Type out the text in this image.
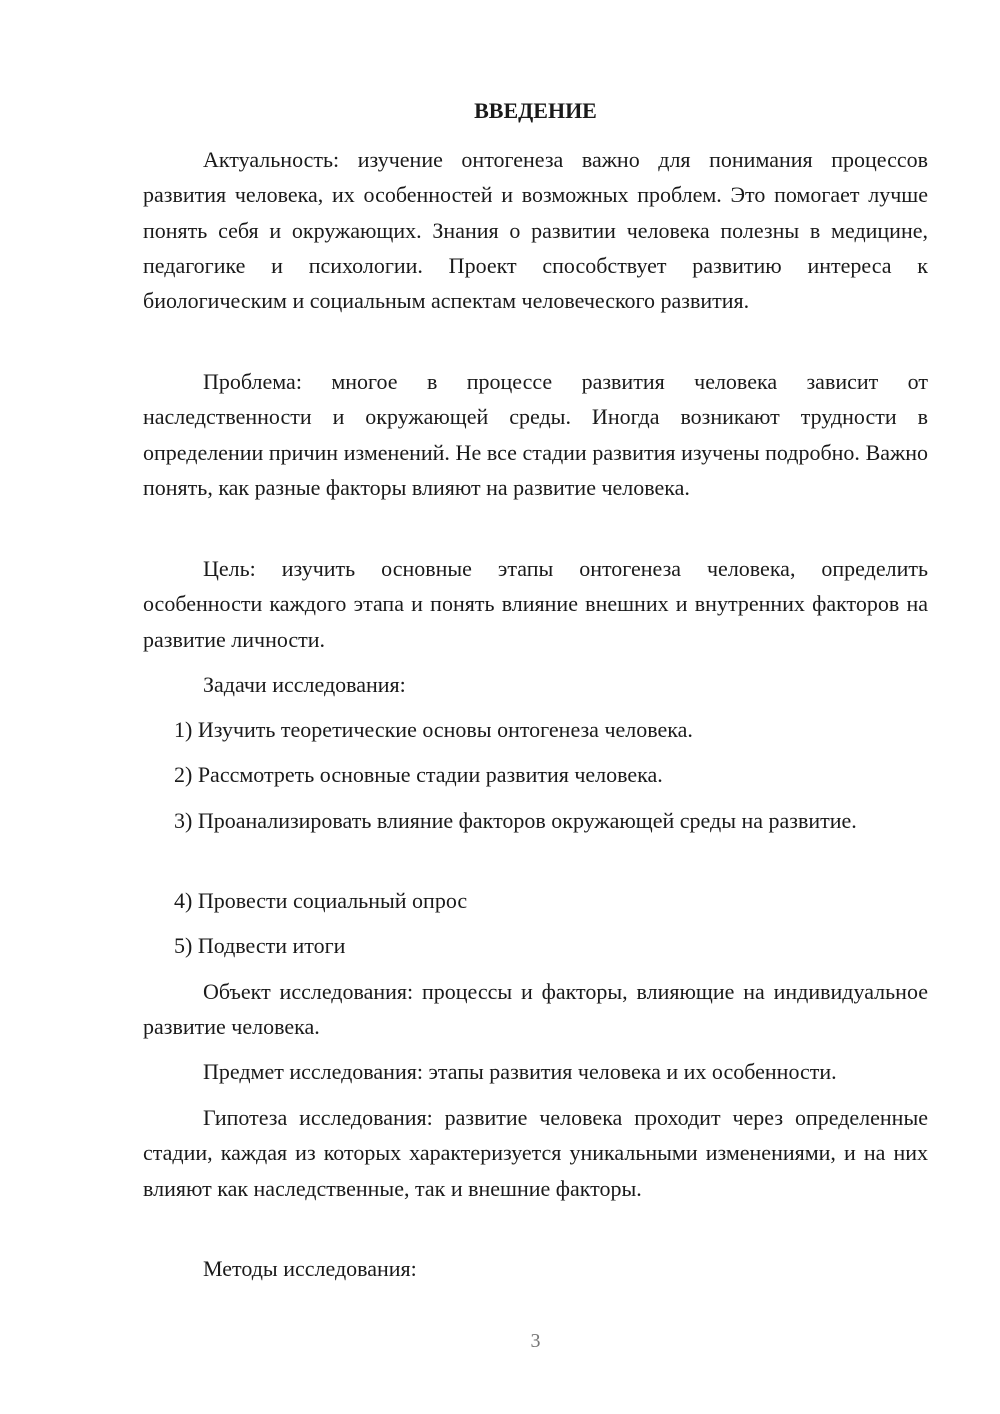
ВВЕДЕНИЕ

Актуальность: изучение онтогенеза важно для понимания процессов развития человека, их особенностей и возможных проблем. Это помогает лучше понять себя и окружающих. Знания о развитии человека полезны в медицине, педагогике и психологии. Проект способствует развитию интереса к биологическим и социальным аспектам человеческого развития.

Проблема: многое в процессе развития человека зависит от наследственности и окружающей среды. Иногда возникают трудности в определении причин изменений. Не все стадии развития изучены подробно. Важно понять, как разные факторы влияют на развитие человека.

Цель: изучить основные этапы онтогенеза человека, определить особенности каждого этапа и понять влияние внешних и внутренних факторов на развитие личности.

Задачи исследования:

1) Изучить теоретические основы онтогенеза человека.

2) Рассмотреть основные стадии развития человека.

3) Проанализировать влияние факторов окружающей среды на развитие.

4) Провести социальный опрос

5) Подвести итоги

Объект исследования: процессы и факторы, влияющие на индивидуальное развитие человека.

Предмет исследования: этапы развития человека и их особенности.

Гипотеза исследования: развитие человека проходит через определенные стадии, каждая из которых характеризуется уникальными изменениями, и на них влияют как наследственные, так и внешние факторы.

Методы исследования:

3
